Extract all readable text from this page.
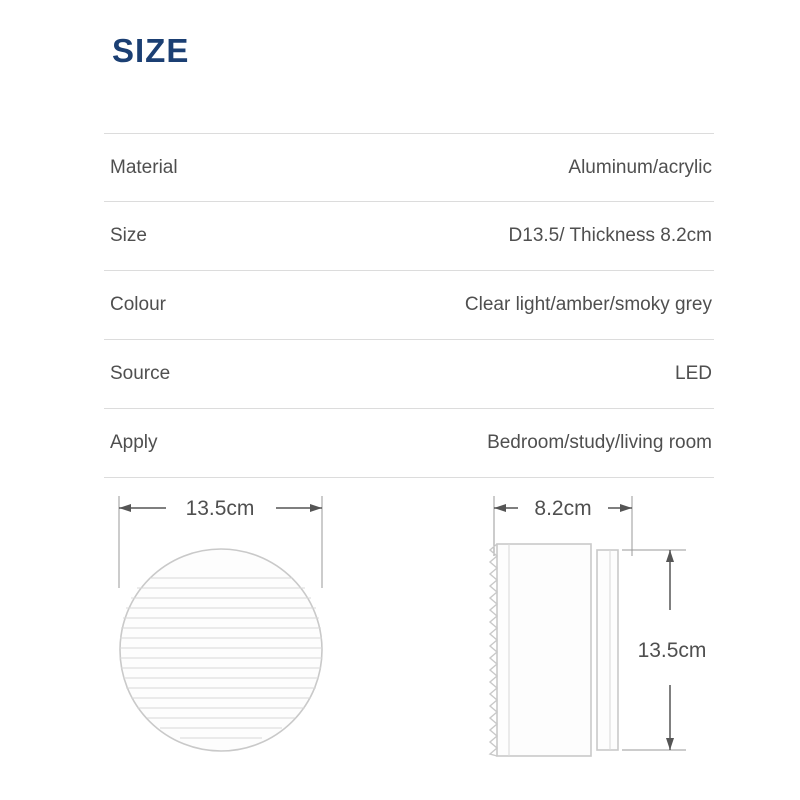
SIZE
Material	Aluminum/acrylic
Size	D13.5/ Thickness 8.2cm
Colour	Clear light/amber/smoky grey
Source	LED
Apply	Bedroom/study/living room
13.5cm	8.2cm
13.5cm
